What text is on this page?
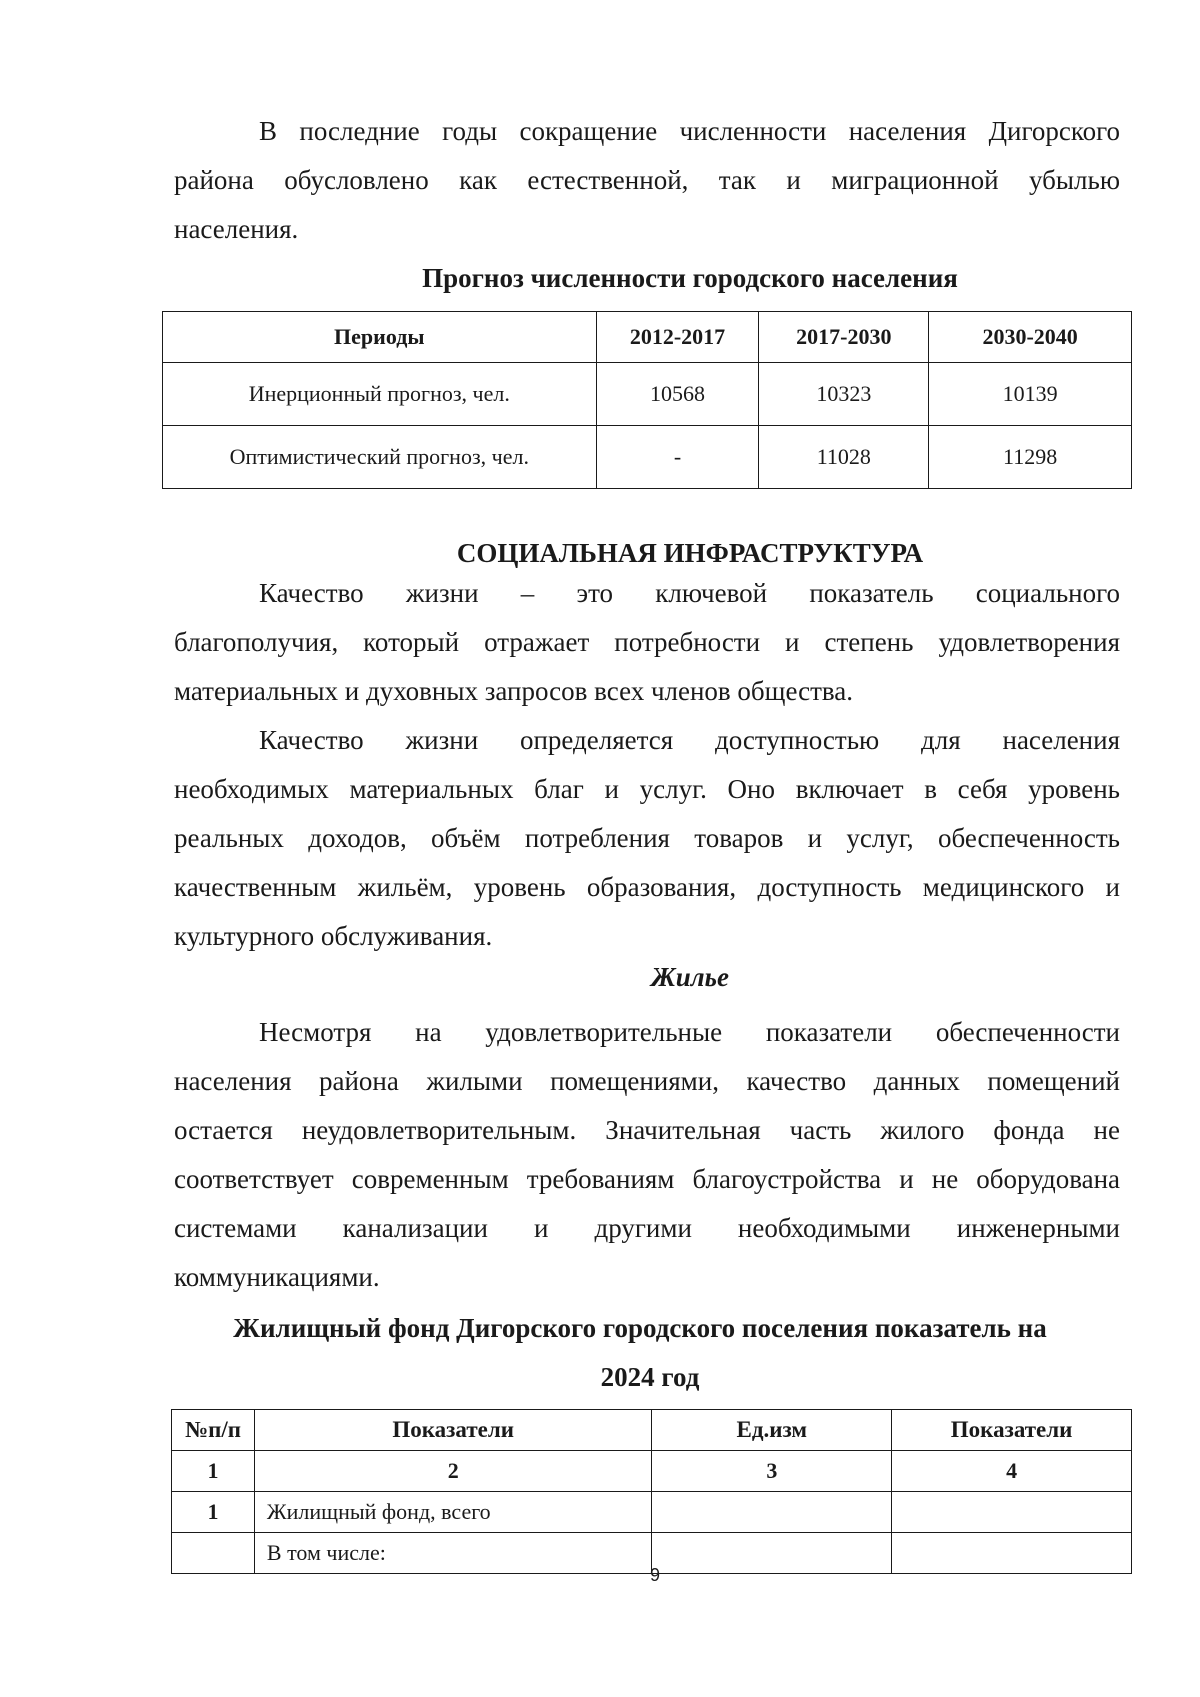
В последние годы сокращение численности населения Дигорского
района обусловлено как естественной, так и миграционной убылью
населения.
Прогноз численности городского населения
Периоды	2012-2017	2017-2030	2030-2040
Инерционный прогноз, чел.	10568	10323	10139
Оптимистический прогноз, чел.	-	11028	11298
СОЦИАЛЬНАЯ ИНФРАСТРУКТУРА
Качество жизни – это ключевой показатель социального
благополучия, который отражает потребности и степень удовлетворения
материальных и духовных запросов всех членов общества.
Качество жизни определяется доступностью для населения
необходимых материальных благ и услуг. Оно включает в себя уровень
реальных доходов, объём потребления товаров и услуг, обеспеченность
качественным жильём, уровень образования, доступность медицинского и
культурного обслуживания.
Жилье
Несмотря на удовлетворительные показатели обеспеченности
населения района жилыми помещениями, качество данных помещений
остается неудовлетворительным. Значительная часть жилого фонда не
соответствует современным требованиям благоустройства и не оборудована
системами канализации и другими необходимыми инженерными
коммуникациями.
Жилищный фонд Дигорского городского поселения показатель на
2024 год
№п/п	Показатели	Ед.изм	Показатели
1	2	3	4
1	Жилищный фонд, всего		
	В том числе:		
9
